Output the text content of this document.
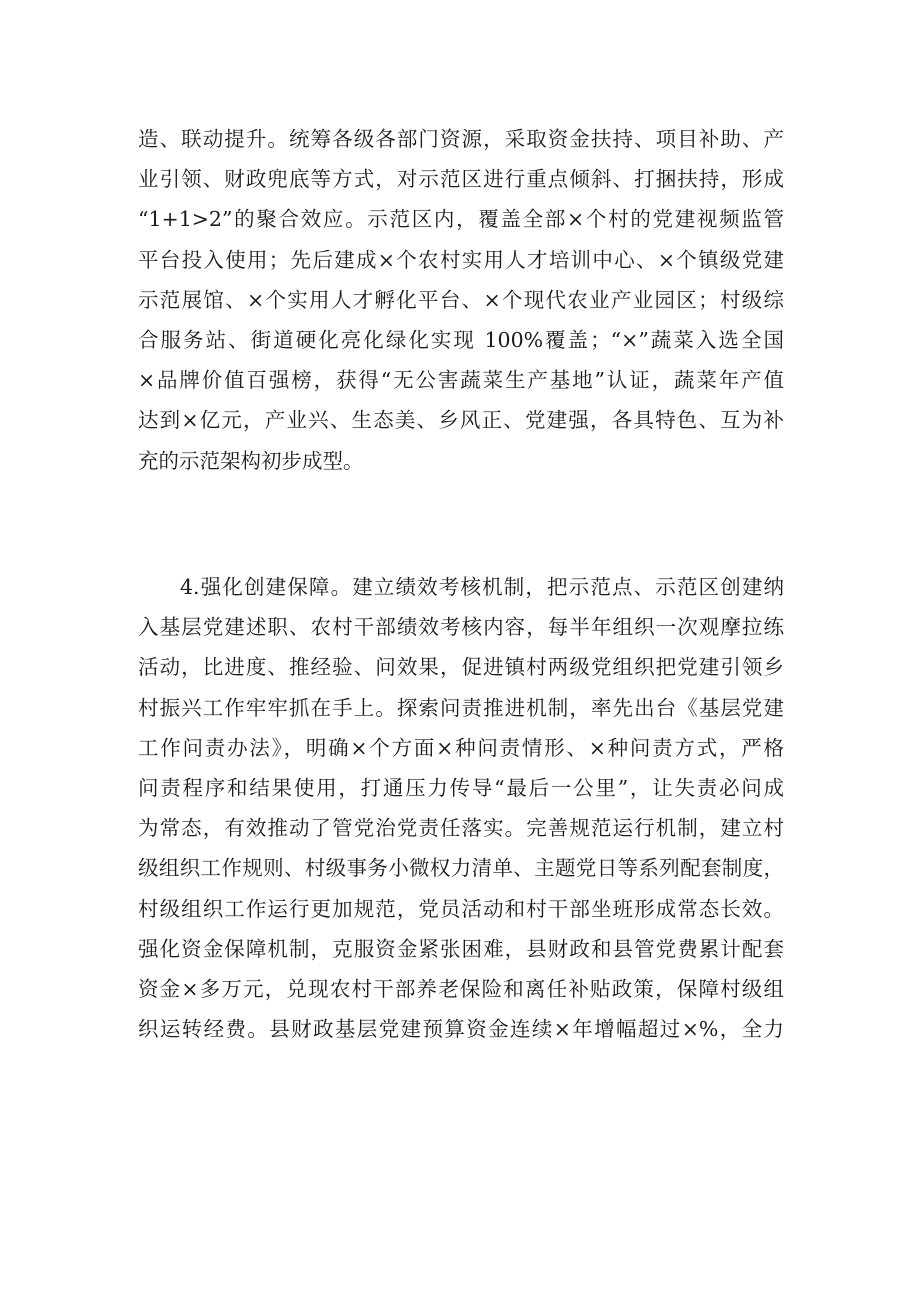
造、联动提升。统筹各级各部门资源，采取资金扶持、项目补助、产
业引领、财政兜底等方式，对示范区进行重点倾斜、打捆扶持，形成
“1+1>2”的聚合效应。示范区内，覆盖全部×个村的党建视频监管
平台投入使用；先后建成×个农村实用人才培训中心、×个镇级党建
示范展馆、×个实用人才孵化平台、×个现代农业产业园区；村级综
合服务站、街道硬化亮化绿化实现 100%覆盖；“×”蔬菜入选全国
×品牌价值百强榜，获得“无公害蔬菜生产基地”认证，蔬菜年产值
达到×亿元，产业兴、生态美、乡风正、党建强，各具特色、互为补
充的示范架构初步成型。
4.强化创建保障。建立绩效考核机制，把示范点、示范区创建纳
入基层党建述职、农村干部绩效考核内容，每半年组织一次观摩拉练
活动，比进度、推经验、问效果，促进镇村两级党组织把党建引领乡
村振兴工作牢牢抓在手上。探索问责推进机制，率先出台《基层党建
工作问责办法》，明确×个方面×种问责情形、×种问责方式，严格
问责程序和结果使用，打通压力传导“最后一公里”，让失责必问成
为常态，有效推动了管党治党责任落实。完善规范运行机制，建立村
级组织工作规则、村级事务小微权力清单、主题党日等系列配套制度，
村级组织工作运行更加规范，党员活动和村干部坐班形成常态长效。
强化资金保障机制，克服资金紧张困难，县财政和县管党费累计配套
资金×多万元，兑现农村干部养老保险和离任补贴政策，保障村级组
织运转经费。县财政基层党建预算资金连续×年增幅超过×%，全力
